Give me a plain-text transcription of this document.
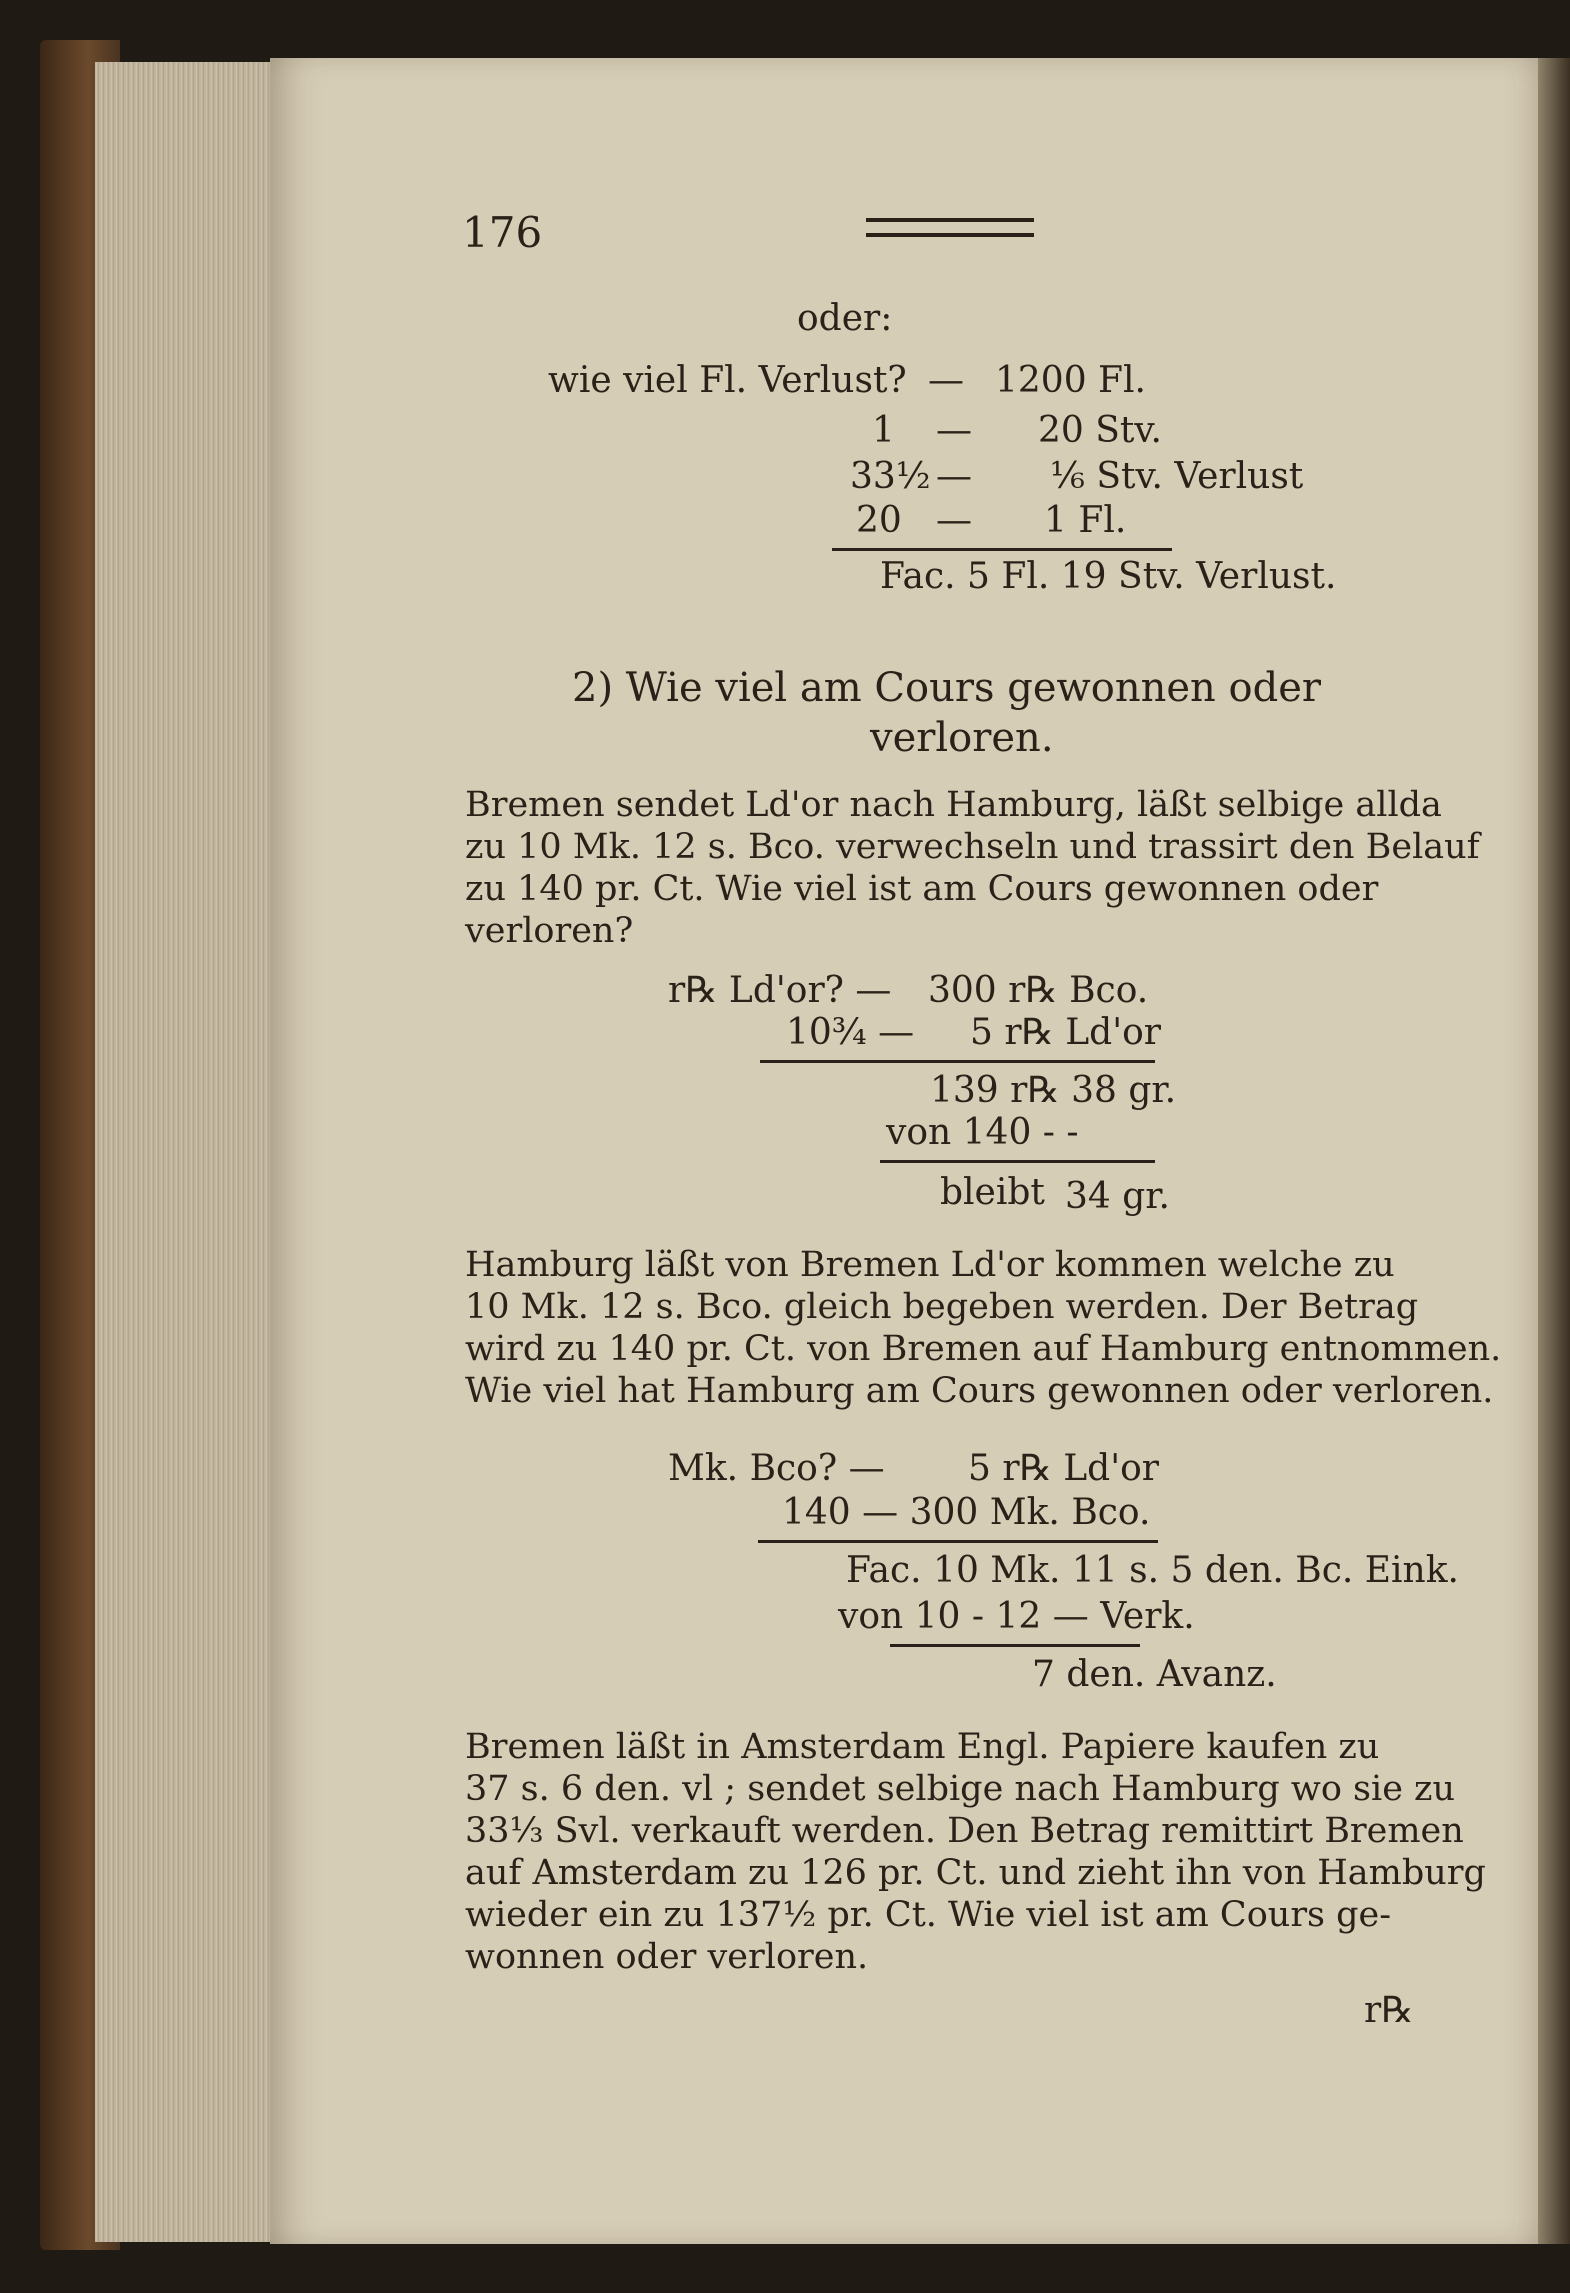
176
oder:
wie viel Fl. Verlust? — 1200 Fl.
1 — 20 Stv.
33½ — ⅙ Stv. Verlust
20 — 1 Fl.
Fac. 5 Fl. 19 Stv. Verlust.
2) Wie viel am Cours gewonnen oder
verloren.
Bremen sendet Ld'or nach Hamburg, läßt selbige allda
zu 10 Mk. 12 s. Bco. verwechseln und trassirt den Belauf
zu 140 pr. Ct. Wie viel ist am Cours gewonnen oder
verloren?
r℞ Ld'or? — 300 r℞ Bco.
10¾ — 5 r℞ Ld'or
139 r℞ 38 gr.
von 140 - -
bleibt 34 gr.
Hamburg läßt von Bremen Ld'or kommen welche zu
10 Mk. 12 s. Bco. gleich begeben werden. Der Betrag
wird zu 140 pr. Ct. von Bremen auf Hamburg entnommen.
Wie viel hat Hamburg am Cours gewonnen oder verloren.
Mk. Bco? — 5 r℞ Ld'or
140 — 300 Mk. Bco.
Fac. 10 Mk. 11 s. 5 den. Bc. Eink.
von 10 - 12 — Verk.
7 den. Avanz.
Bremen läßt in Amsterdam Engl. Papiere kaufen zu
37 s. 6 den. vl ; sendet selbige nach Hamburg wo sie zu
33⅓ Svl. verkauft werden. Den Betrag remittirt Bremen
auf Amsterdam zu 126 pr. Ct. und zieht ihn von Hamburg
wieder ein zu 137½ pr. Ct. Wie viel ist am Cours ge-
wonnen oder verloren.
r℞
